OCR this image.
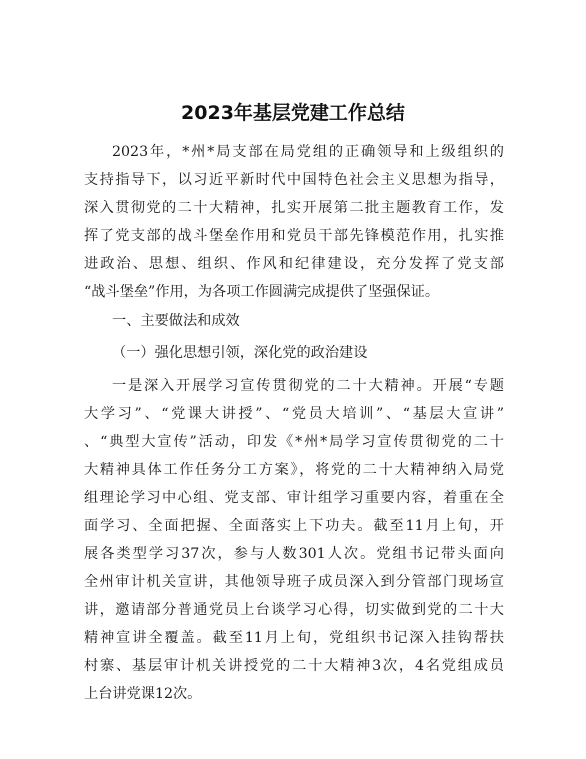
2023年基层党建工作总结
2023年，*州*局支部在局党组的正确领导和上级组织的
支持指导下，以习近平新时代中国特色社会主义思想为指导，
深入贯彻党的二十大精神，扎实开展第二批主题教育工作，发
挥了党支部的战斗堡垒作用和党员干部先锋模范作用，扎实推
进政治、思想、组织、作风和纪律建设，充分发挥了党支部
“战斗堡垒”作用，为各项工作圆满完成提供了坚强保证。
一、主要做法和成效
（一）强化思想引领，深化党的政治建设
一是深入开展学习宣传贯彻党的二十大精神。开展“专题
大学习”、“党课大讲授”、“党员大培训”、“基层大宣讲”
、“典型大宣传”活动，印发《*州*局学习宣传贯彻党的二十
大精神具体工作任务分工方案》，将党的二十大精神纳入局党
组理论学习中心组、党支部、审计组学习重要内容，着重在全
面学习、全面把握、全面落实上下功夫。截至11月上旬，开
展各类型学习37次，参与人数301人次。党组书记带头面向
全州审计机关宣讲，其他领导班子成员深入到分管部门现场宣
讲，邀请部分普通党员上台谈学习心得，切实做到党的二十大
精神宣讲全覆盖。截至11月上旬，党组织书记深入挂钩帮扶
村寨、基层审计机关讲授党的二十大精神3次，4名党组成员
上台讲党课12次。
